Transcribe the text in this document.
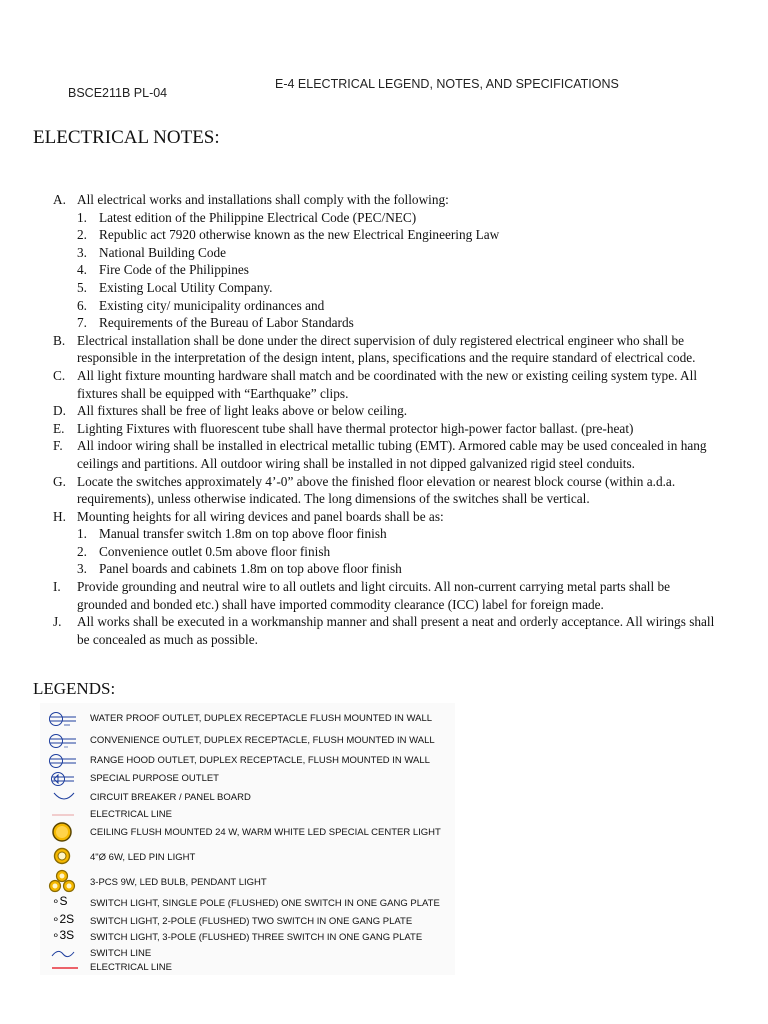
BSCE211B PL-04
E-4 ELECTRICAL LEGEND, NOTES, AND SPECIFICATIONS
ELECTRICAL NOTES:
A. All electrical works and installations shall comply with the following:
1. Latest edition of the Philippine Electrical Code (PEC/NEC)
2. Republic act 7920 otherwise known as the new Electrical Engineering Law
3. National Building Code
4. Fire Code of the Philippines
5. Existing Local Utility Company.
6. Existing city/ municipality ordinances and
7. Requirements of the Bureau of Labor Standards
B. Electrical installation shall be done under the direct supervision of duly registered electrical engineer who shall be responsible in the interpretation of the design intent, plans, specifications and the require standard of electrical code.
C. All light fixture mounting hardware shall match and be coordinated with the new or existing ceiling system type. All fixtures shall be equipped with “Earthquake” clips.
D. All fixtures shall be free of light leaks above or below ceiling.
E. Lighting Fixtures with fluorescent tube shall have thermal protector high-power factor ballast. (pre-heat)
F. All indoor wiring shall be installed in electrical metallic tubing (EMT). Armored cable may be used concealed in hang ceilings and partitions. All outdoor wiring shall be installed in not dipped galvanized rigid steel conduits.
G. Locate the switches approximately 4’-0” above the finished floor elevation or nearest block course (within a.d.a. requirements), unless otherwise indicated. The long dimensions of the switches shall be vertical.
H. Mounting heights for all wiring devices and panel boards shall be as:
1. Manual transfer switch 1.8m on top above floor finish
2. Convenience outlet 0.5m above floor finish
3. Panel boards and cabinets 1.8m on top above floor finish
I. Provide grounding and neutral wire to all outlets and light circuits. All non-current carrying metal parts shall be grounded and bonded etc.) shall have imported commodity clearance (ICC) label for foreign made.
J. All works shall be executed in a workmanship manner and shall present a neat and orderly acceptance. All wirings shall be concealed as much as possible.
LEGENDS:
WATER PROOF OUTLET, DUPLEX RECEPTACLE FLUSH MOUNTED IN WALL
CONVENIENCE OUTLET, DUPLEX RECEPTACLE, FLUSH MOUNTED IN WALL
RANGE HOOD OUTLET, DUPLEX RECEPTACLE, FLUSH MOUNTED IN WALL
SPECIAL PURPOSE OUTLET
CIRCUIT BREAKER / PANEL BOARD
ELECTRICAL LINE
CEILING FLUSH MOUNTED 24 W, WARM WHITE LED SPECIAL CENTER LIGHT
4"Ø 6W, LED PIN LIGHT
3-PCS 9W, LED BULB, PENDANT LIGHT
∘S SWITCH LIGHT, SINGLE POLE (FLUSHED) ONE SWITCH IN ONE GANG PLATE
∘2S SWITCH LIGHT, 2-POLE (FLUSHED) TWO SWITCH IN ONE GANG PLATE
∘3S SWITCH LIGHT, 3-POLE (FLUSHED) THREE SWITCH IN ONE GANG PLATE
SWITCH LINE
ELECTRICAL LINE
